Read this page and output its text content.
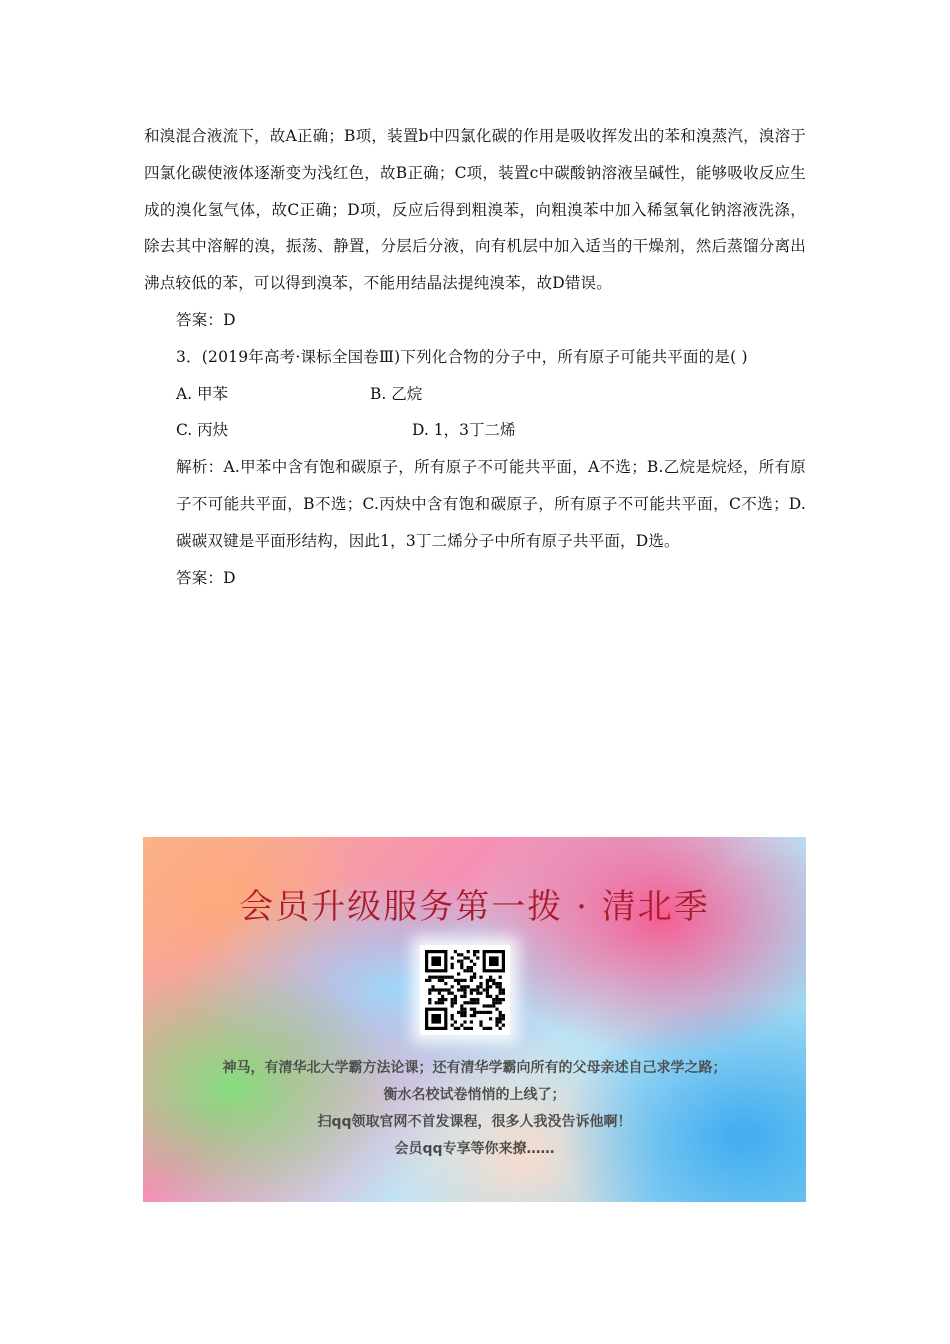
和溴混合液流下，故A正确；B项，装置b中四氯化碳的作用是吸收挥发出的苯和溴蒸汽，溴溶于四氯化碳使液体逐渐变为浅红色，故B正确；C项，装置c中碳酸钠溶液呈碱性，能够吸收反应生成的溴化氢气体，故C正确；D项，反应后得到粗溴苯，向粗溴苯中加入稀氢氧化钠溶液洗涤，除去其中溶解的溴，振荡、静置，分层后分液，向有机层中加入适当的干燥剂，然后蒸馏分离出沸点较低的苯，可以得到溴苯，不能用结晶法提纯溴苯，故D错误。

答案：D

3．(2019年高考·课标全国卷Ⅲ)下列化合物的分子中，所有原子可能共平面的是( )

A. 甲苯	B. 乙烷
C. 丙炔	D. 1，3丁二烯

解析：A.甲苯中含有饱和碳原子，所有原子不可能共平面，A不选；B.乙烷是烷烃，所有原子不可能共平面，B不选；C.丙炔中含有饱和碳原子，所有原子不可能共平面，C不选；D.碳碳双键是平面形结构，因此1，3丁二烯分子中所有原子共平面，D选。

答案：D

会员升级服务第一拨 · 清北季
神马，有清华北大学霸方法论课；还有清华学霸向所有的父母亲述自己求学之路；
衡水名校试卷悄悄的上线了；
扫qq领取官网不首发课程，很多人我没告诉他啊！
会员qq专享等你来撩……
